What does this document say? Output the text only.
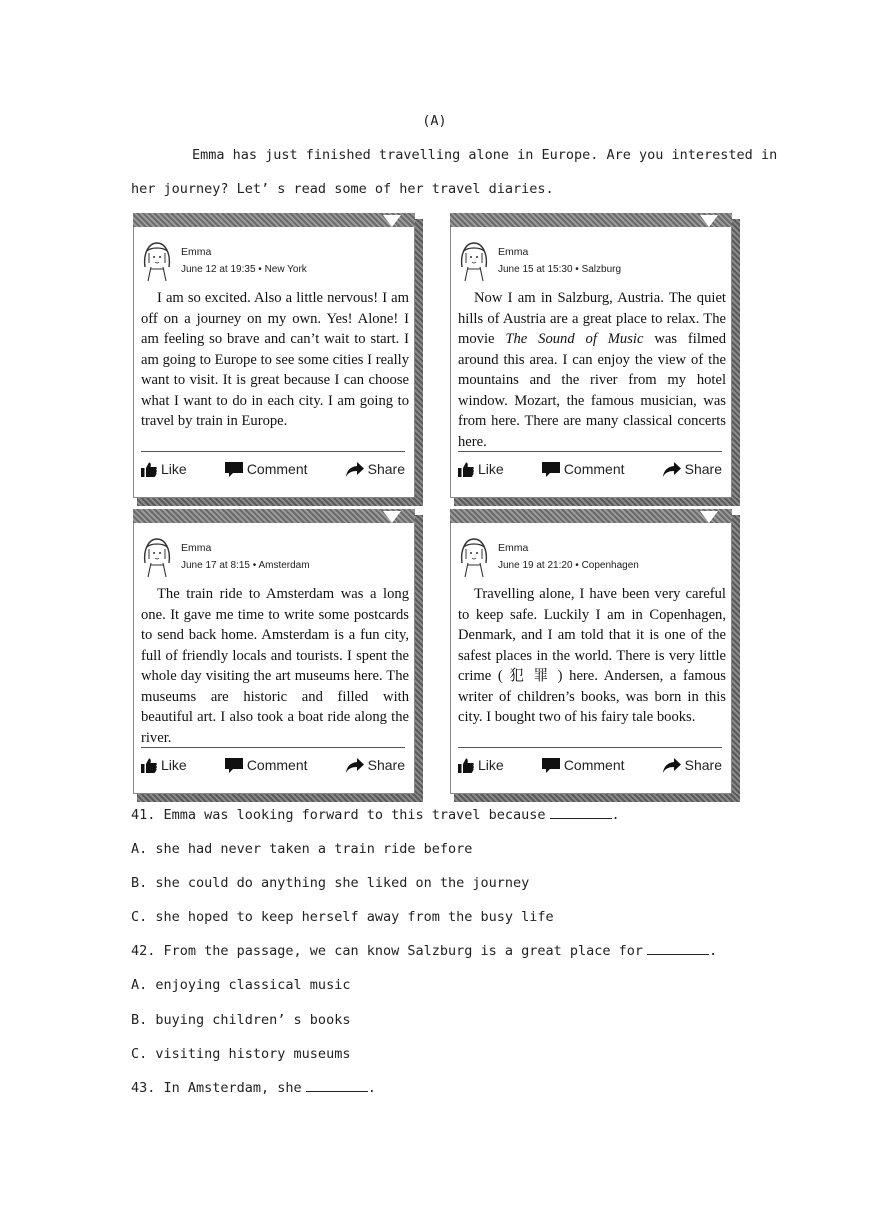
(A)
Emma has just finished travelling alone in Europe. Are you interested in
her journey? Let’ s read some of her travel diaries.
Emma
June 12 at 19:35 • New York

I am so excited. Also a little nervous! I am off on a journey on my own. Yes! Alone! I am feeling so brave and can’t wait to start. I am going to Europe to see some cities I really want to visit. It is great because I can choose what I want to do in each city. I am going to travel by train in Europe.

Like	Comment	Share
Emma
June 15 at 15:30 • Salzburg

Now I am in Salzburg, Austria. The quiet hills of Austria are a great place to relax. The movie The Sound of Music was filmed around this area. I can enjoy the view of the mountains and the river from my hotel window. Mozart, the famous musician, was from here. There are many classical concerts here.

Like	Comment	Share
Emma
June 17 at 8:15 • Amsterdam

The train ride to Amsterdam was a long one. It gave me time to write some postcards to send back home. Amsterdam is a fun city, full of friendly locals and tourists. I spent the whole day visiting the art museums here. The museums are historic and filled with beautiful art. I also took a boat ride along the river.

Like	Comment	Share
Emma
June 19 at 21:20 • Copenhagen

Travelling alone, I have been very careful to keep safe. Luckily I am in Copenhagen, Denmark, and I am told that it is one of the safest places in the world. There is very little crime ( 犯 罪 ) here. Andersen, a famous writer of children’s books, was born in this city. I bought two of his fairy tale books.

Like	Comment	Share
41. Emma was looking forward to this travel because	.
A. she had never taken a train ride before
B. she could do anything she liked on the journey
C. she hoped to keep herself away from the busy life
42. From the passage, we can know Salzburg is a great place for	.
A. enjoying classical music
B. buying children’ s books
C. visiting history museums
43. In Amsterdam, she	.
